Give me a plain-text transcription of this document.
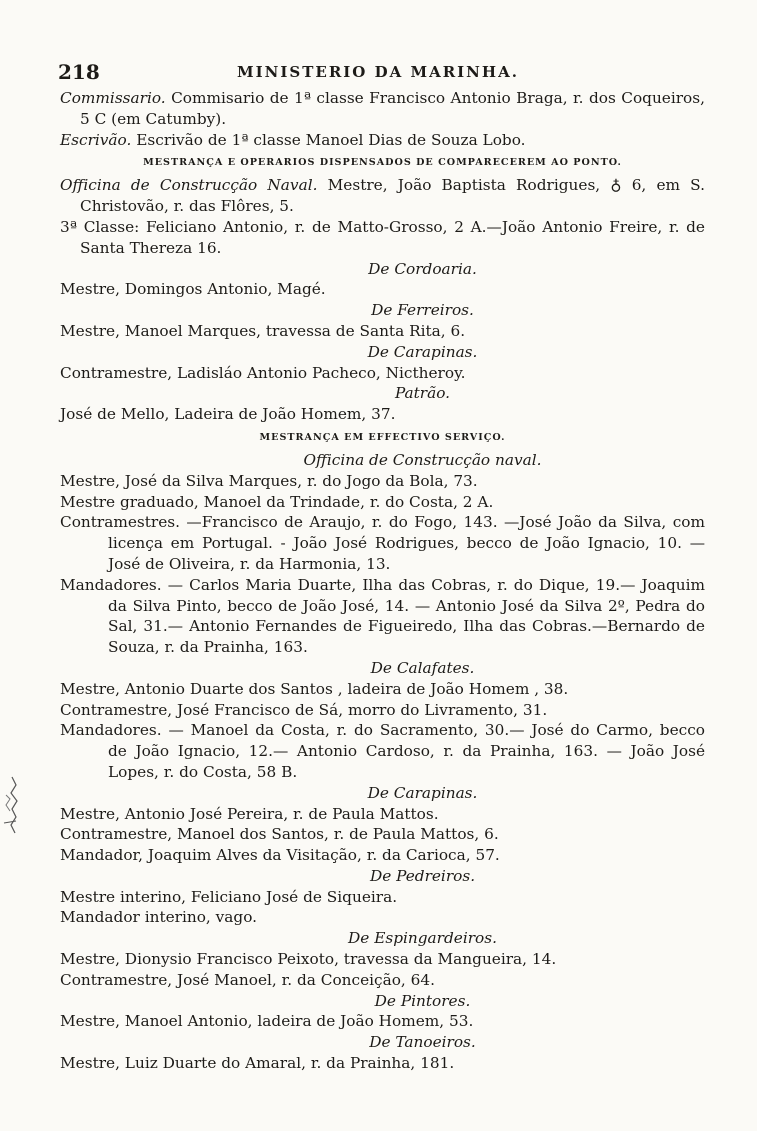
218	MINISTERIO DA MARINHA.

Commissario. Commisario de 1ª classe Francisco Antonio Braga, r. dos Coqueiros, 5 C (em Catumby).

Escrivão. Escrivão de 1ª classe Manoel Dias de Souza Lobo.

MESTRANÇA E OPERARIOS DISPENSADOS DE COMPARECEREM AO PONTO.

Officina de Construcção Naval. Mestre, João Baptista Rodrigues, ♁ 6, em S. Christovão, r. das Flôres, 5.

3ª Classe: Feliciano Antonio, r. de Matto-Grosso, 2 A.—João Antonio Freire, r. de Santa Thereza 16.

De Cordoaria.

Mestre, Domingos Antonio, Magé.

De Ferreiros.

Mestre, Manoel Marques, travessa de Santa Rita, 6.

De Carapinas.

Contramestre, Ladisláo Antonio Pacheco, Nictheroy.

Patrão.

José de Mello, Ladeira de João Homem, 37.

MESTRANÇA EM EFFECTIVO SERVIÇO.

Officina de Construcção naval.

Mestre, José da Silva Marques, r. do Jogo da Bola, 73.

Mestre graduado, Manoel da Trindade, r. do Costa, 2 A.

Contramestres. —Francisco de Araujo, r. do Fogo, 143. —José João da Silva, com licença em Portugal. - João José Rodrigues, becco de João Ignacio, 10. — José de Oliveira, r. da Harmonia, 13.

Mandadores. — Carlos Maria Duarte, Ilha das Cobras, r. do Dique, 19.— Joaquim da Silva Pinto, becco de João José, 14. — Antonio José da Silva 2º, Pedra do Sal, 31.— Antonio Fernandes de Figueiredo, Ilha das Cobras.—Bernardo de Souza, r. da Prainha, 163.

De Calafates.

Mestre, Antonio Duarte dos Santos , ladeira de João Homem , 38.

Contramestre, José Francisco de Sá, morro do Livramento, 31.

Mandadores. — Manoel da Costa, r. do Sacramento, 30.— José do Carmo, becco de João Ignacio, 12.— Antonio Cardoso, r. da Prainha, 163. — João José Lopes, r. do Costa, 58 B.

De Carapinas.

Mestre, Antonio José Pereira, r. de Paula Mattos.

Contramestre, Manoel dos Santos, r. de Paula Mattos, 6.

Mandador, Joaquim Alves da Visitação, r. da Carioca, 57.

De Pedreiros.

Mestre interino, Feliciano José de Siqueira.

Mandador interino, vago.

De Espingardeiros.

Mestre, Dionysio Francisco Peixoto, travessa da Mangueira, 14.

Contramestre, José Manoel, r. da Conceição, 64.

De Pintores.

Mestre, Manoel Antonio, ladeira de João Homem, 53.

De Tanoeiros.

Mestre, Luiz Duarte do Amaral, r. da Prainha, 181.
